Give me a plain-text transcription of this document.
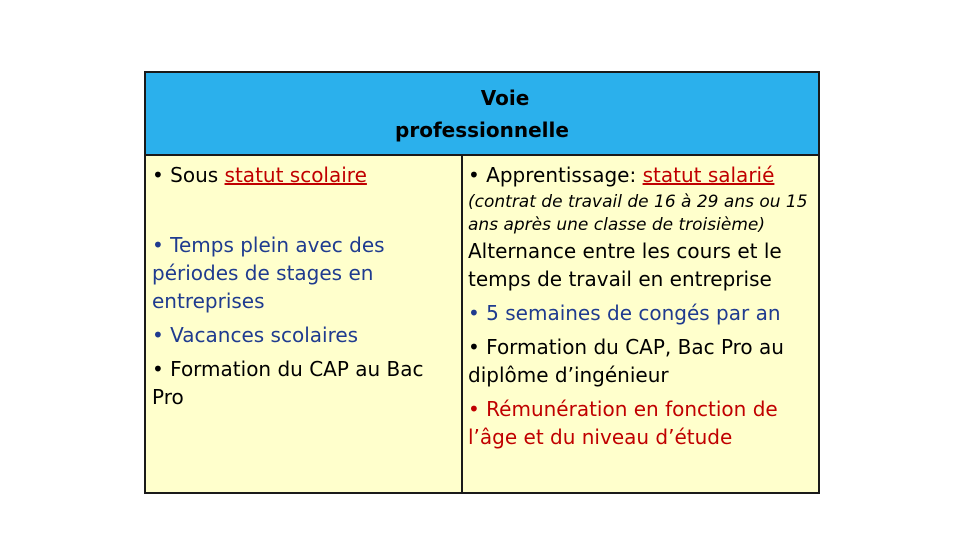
Voie
professionnelle

• Sous statut scolaire

• Temps plein avec des périodes de stages en entreprises

• Vacances scolaires

• Formation du CAP au Bac Pro

• Apprentissage: statut salarié

(contrat de travail de 16 à 29 ans ou 15 ans après une classe de troisième)

Alternance entre les cours et le temps de travail en entreprise

• 5 semaines de congés par an

• Formation du CAP, Bac Pro au diplôme d’ingénieur

• Rémunération en fonction de l’âge et du niveau d’étude
